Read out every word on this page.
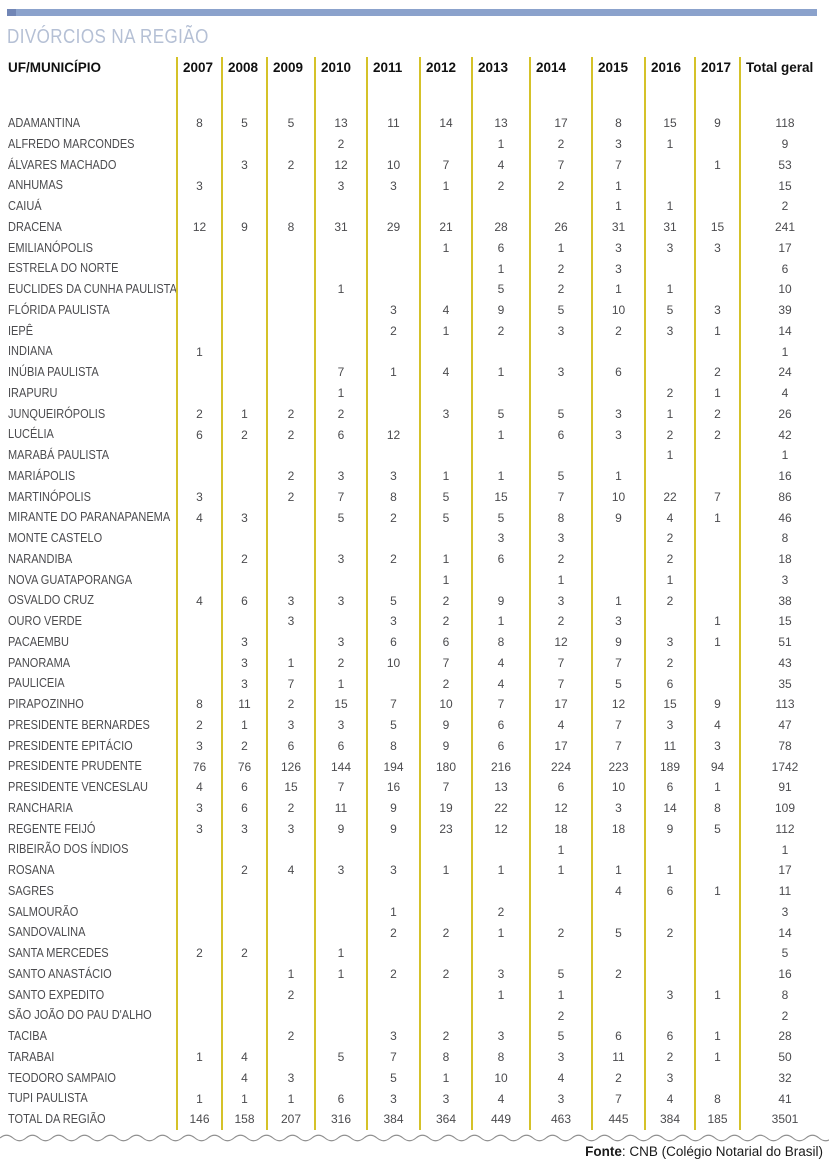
DIVÓRCIOS NA REGIÃO
UF/MUNICÍPIO	2007	2008	2009	2010	2011	2012	2013	2014	2015	2016	2017	Total geral
ADAMANTINA	8	5	5	13	11	14	13	17	8	15	9	118
ALFREDO MARCONDES				2			1	2	3	1		9
ÁLVARES MACHADO		3	2	12	10	7	4	7	7		1	53
ANHUMAS	3			3	3	1	2	2	1			15
CAIUÁ									1	1		2
DRACENA	12	9	8	31	29	21	28	26	31	31	15	241
EMILIANÓPOLIS						1	6	1	3	3	3	17
ESTRELA DO NORTE							1	2	3			6
EUCLIDES DA CUNHA PAULISTA				1			5	2	1	1		10
FLÓRIDA PAULISTA					3	4	9	5	10	5	3	39
IEPÊ					2	1	2	3	2	3	1	14
INDIANA	1											1
INÚBIA PAULISTA				7	1	4	1	3	6		2	24
IRAPURU				1						2	1	4
JUNQUEIRÓPOLIS	2	1	2	2		3	5	5	3	1	2	26
LUCÉLIA	6	2	2	6	12		1	6	3	2	2	42
MARABÁ PAULISTA										1		1
MARIÁPOLIS			2	3	3	1	1	5	1			16
MARTINÓPOLIS	3		2	7	8	5	15	7	10	22	7	86
MIRANTE DO PARANAPANEMA	4	3		5	2	5	5	8	9	4	1	46
MONTE CASTELO							3	3		2		8
NARANDIBA		2		3	2	1	6	2		2		18
NOVA GUATAPORANGA						1		1		1		3
OSVALDO CRUZ	4	6	3	3	5	2	9	3	1	2		38
OURO VERDE			3		3	2	1	2	3		1	15
PACAEMBU		3		3	6	6	8	12	9	3	1	51
PANORAMA		3	1	2	10	7	4	7	7	2		43
PAULICEIA		3	7	1		2	4	7	5	6		35
PIRAPOZINHO	8	11	2	15	7	10	7	17	12	15	9	113
PRESIDENTE BERNARDES	2	1	3	3	5	9	6	4	7	3	4	47
PRESIDENTE EPITÁCIO	3	2	6	6	8	9	6	17	7	11	3	78
PRESIDENTE PRUDENTE	76	76	126	144	194	180	216	224	223	189	94	1742
PRESIDENTE VENCESLAU	4	6	15	7	16	7	13	6	10	6	1	91
RANCHARIA	3	6	2	11	9	19	22	12	3	14	8	109
REGENTE FEIJÓ	3	3	3	9	9	23	12	18	18	9	5	112
RIBEIRÃO DOS ÍNDIOS								1				1
ROSANA		2	4	3	3	1	1	1	1	1		17
SAGRES									4	6	1	11
SALMOURÃO					1		2					3
SANDOVALINA					2	2	1	2	5	2		14
SANTA MERCEDES	2	2		1								5
SANTO ANASTÁCIO			1	1	2	2	3	5	2			16
SANTO EXPEDITO			2				1	1		3	1	8
SÃO JOÃO DO PAU D'ALHO								2				2
TACIBA			2		3	2	3	5	6	6	1	28
TARABAI	1	4		5	7	8	8	3	11	2	1	50
TEODORO SAMPAIO		4	3		5	1	10	4	2	3		32
TUPI PAULISTA	1	1	1	6	3	3	4	3	7	4	8	41
TOTAL DA REGIÃO	146	158	207	316	384	364	449	463	445	384	185	3501
Fonte: CNB (Colégio Notarial do Brasil)
